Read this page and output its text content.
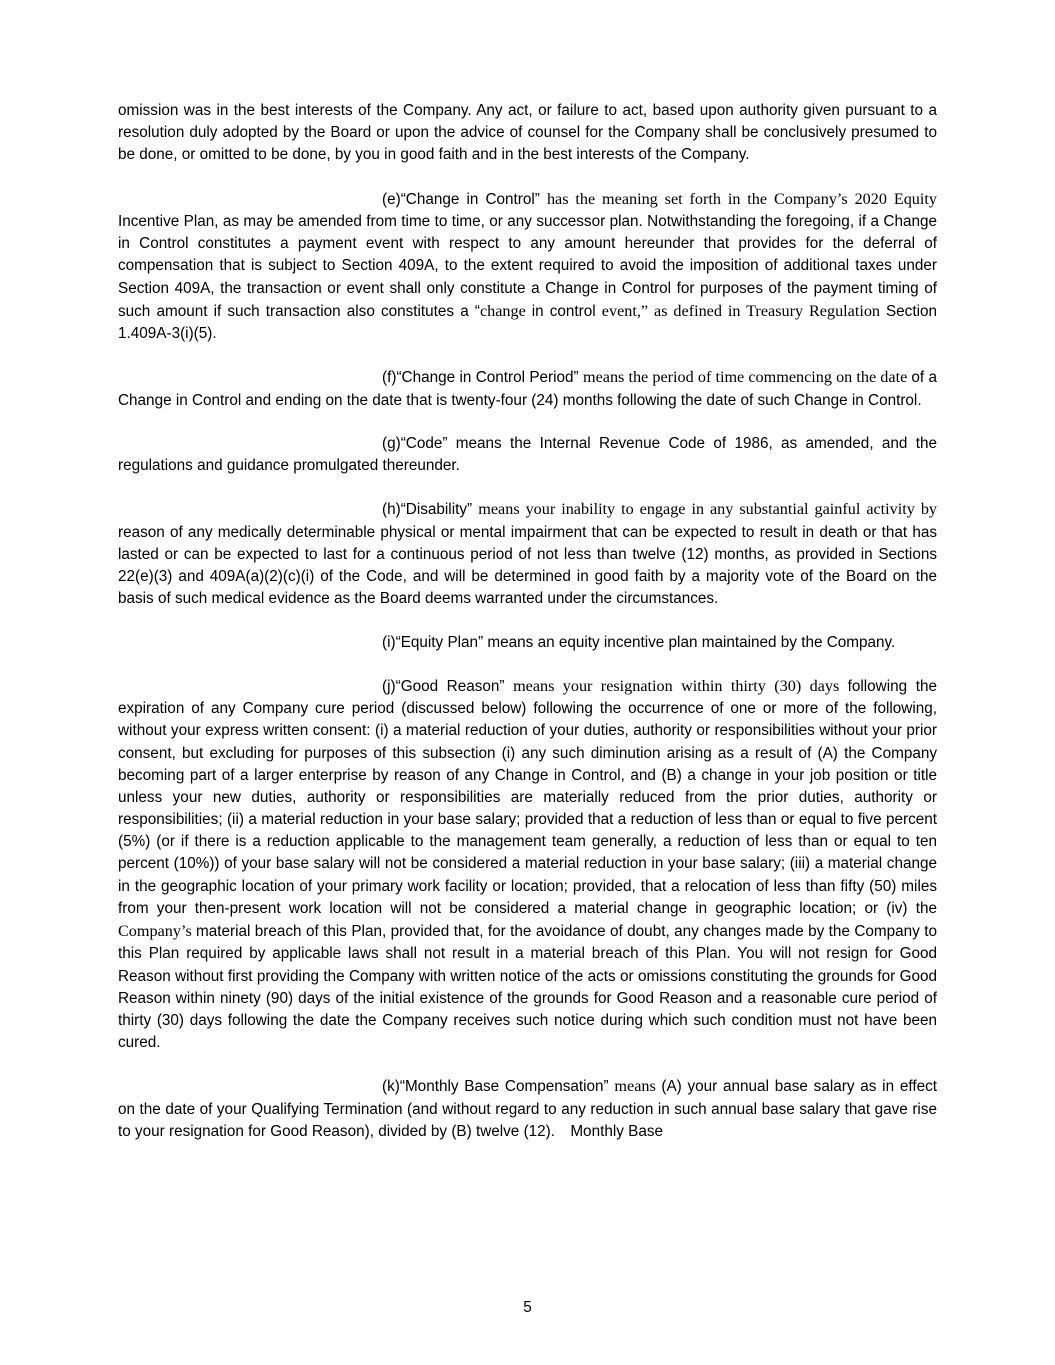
omission was in the best interests of the Company. Any act, or failure to act, based upon authority given pursuant to a resolution duly adopted by the Board or upon the advice of counsel for the Company shall be conclusively presumed to be done, or omitted to be done, by you in good faith and in the best interests of the Company.

(e)“Change in Control” has the meaning set forth in the Company’s 2020 Equity Incentive Plan, as may be amended from time to time, or any successor plan. Notwithstanding the foregoing, if a Change in Control constitutes a payment event with respect to any amount hereunder that provides for the deferral of compensation that is subject to Section 409A, to the extent required to avoid the imposition of additional taxes under Section 409A, the transaction or event shall only constitute a Change in Control for purposes of the payment timing of such amount if such transaction also constitutes a “change in control event,” as defined in Treasury Regulation Section 1.409A-3(i)(5).

(f)“Change in Control Period” means the period of time commencing on the date of a Change in Control and ending on the date that is twenty-four (24) months following the date of such Change in Control.

(g)“Code” means the Internal Revenue Code of 1986, as amended, and the regulations and guidance promulgated thereunder.

(h)“Disability” means your inability to engage in any substantial gainful activity by reason of any medically determinable physical or mental impairment that can be expected to result in death or that has lasted or can be expected to last for a continuous period of not less than twelve (12) months, as provided in Sections 22(e)(3) and 409A(a)(2)(c)(i) of the Code, and will be determined in good faith by a majority vote of the Board on the basis of such medical evidence as the Board deems warranted under the circumstances.

(i)“Equity Plan” means an equity incentive plan maintained by the Company.

(j)“Good Reason” means your resignation within thirty (30) days following the expiration of any Company cure period (discussed below) following the occurrence of one or more of the following, without your express written consent: (i) a material reduction of your duties, authority or responsibilities without your prior consent, but excluding for purposes of this subsection (i) any such diminution arising as a result of (A) the Company becoming part of a larger enterprise by reason of any Change in Control, and (B) a change in your job position or title unless your new duties, authority or responsibilities are materially reduced from the prior duties, authority or responsibilities; (ii) a material reduction in your base salary; provided that a reduction of less than or equal to five percent (5%) (or if there is a reduction applicable to the management team generally, a reduction of less than or equal to ten percent (10%)) of your base salary will not be considered a material reduction in your base salary; (iii) a material change in the geographic location of your primary work facility or location; provided, that a relocation of less than fifty (50) miles from your then-present work location will not be considered a material change in geographic location; or (iv) the Company’s material breach of this Plan, provided that, for the avoidance of doubt, any changes made by the Company to this Plan required by applicable laws shall not result in a material breach of this Plan. You will not resign for Good Reason without first providing the Company with written notice of the acts or omissions constituting the grounds for Good Reason within ninety (90) days of the initial existence of the grounds for Good Reason and a reasonable cure period of thirty (30) days following the date the Company receives such notice during which such condition must not have been cured.

(k)“Monthly Base Compensation” means (A) your annual base salary as in effect on the date of your Qualifying Termination (and without regard to any reduction in such annual base salary that gave rise to your resignation for Good Reason), divided by (B) twelve (12). Monthly Base

5
